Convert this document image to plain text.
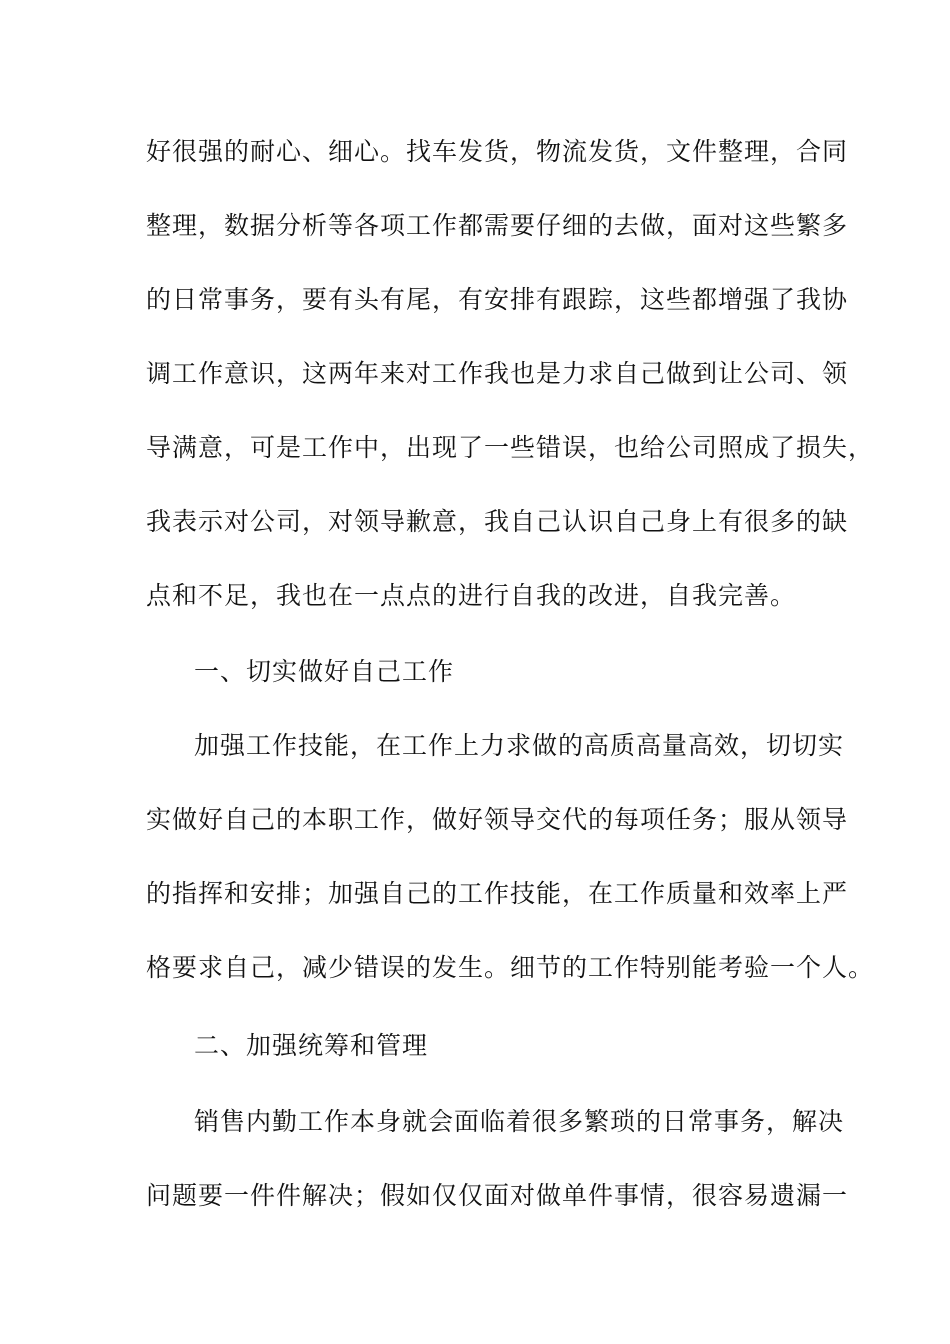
好很强的耐心、细心。找车发货，物流发货，文件整理，合同
整理，数据分析等各项工作都需要仔细的去做，面对这些繁多
的日常事务，要有头有尾，有安排有跟踪，这些都增强了我协
调工作意识，这两年来对工作我也是力求自己做到让公司、领
导满意，可是工作中，出现了一些错误，也给公司照成了损失，
我表示对公司，对领导歉意，我自己认识自己身上有很多的缺
点和不足，我也在一点点的进行自我的改进，自我完善。
一、切实做好自己工作
加强工作技能，在工作上力求做的高质高量高效，切切实
实做好自己的本职工作，做好领导交代的每项任务；服从领导
的指挥和安排；加强自己的工作技能，在工作质量和效率上严
格要求自己，减少错误的发生。细节的工作特别能考验一个人。
二、加强统筹和管理
销售内勤工作本身就会面临着很多繁琐的日常事务，解决
问题要一件件解决；假如仅仅面对做单件事情，很容易遗漏一
